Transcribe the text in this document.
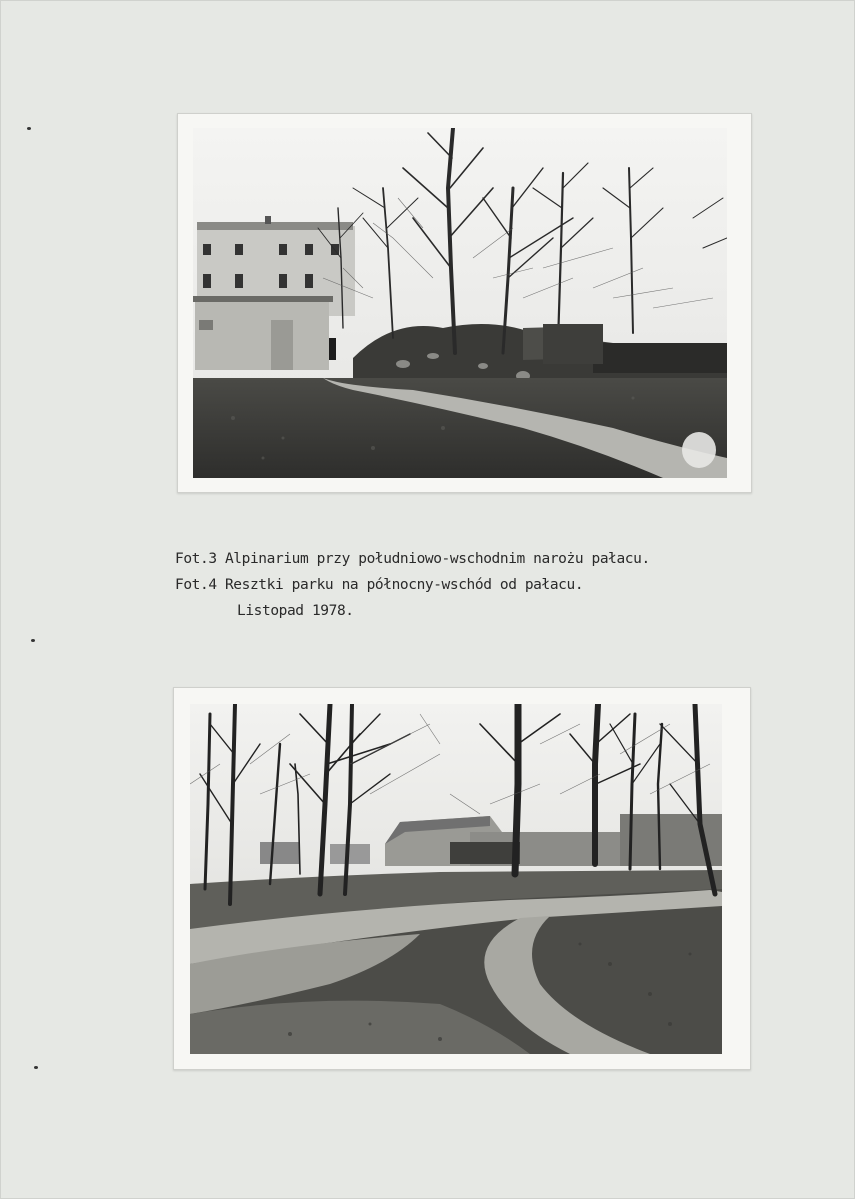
Fot.3 Alpinarium przy południowo-wschodnim narożu pałacu.
Fot.4 Resztki parku na północny-wschód od pałacu.
Listopad 1978.
